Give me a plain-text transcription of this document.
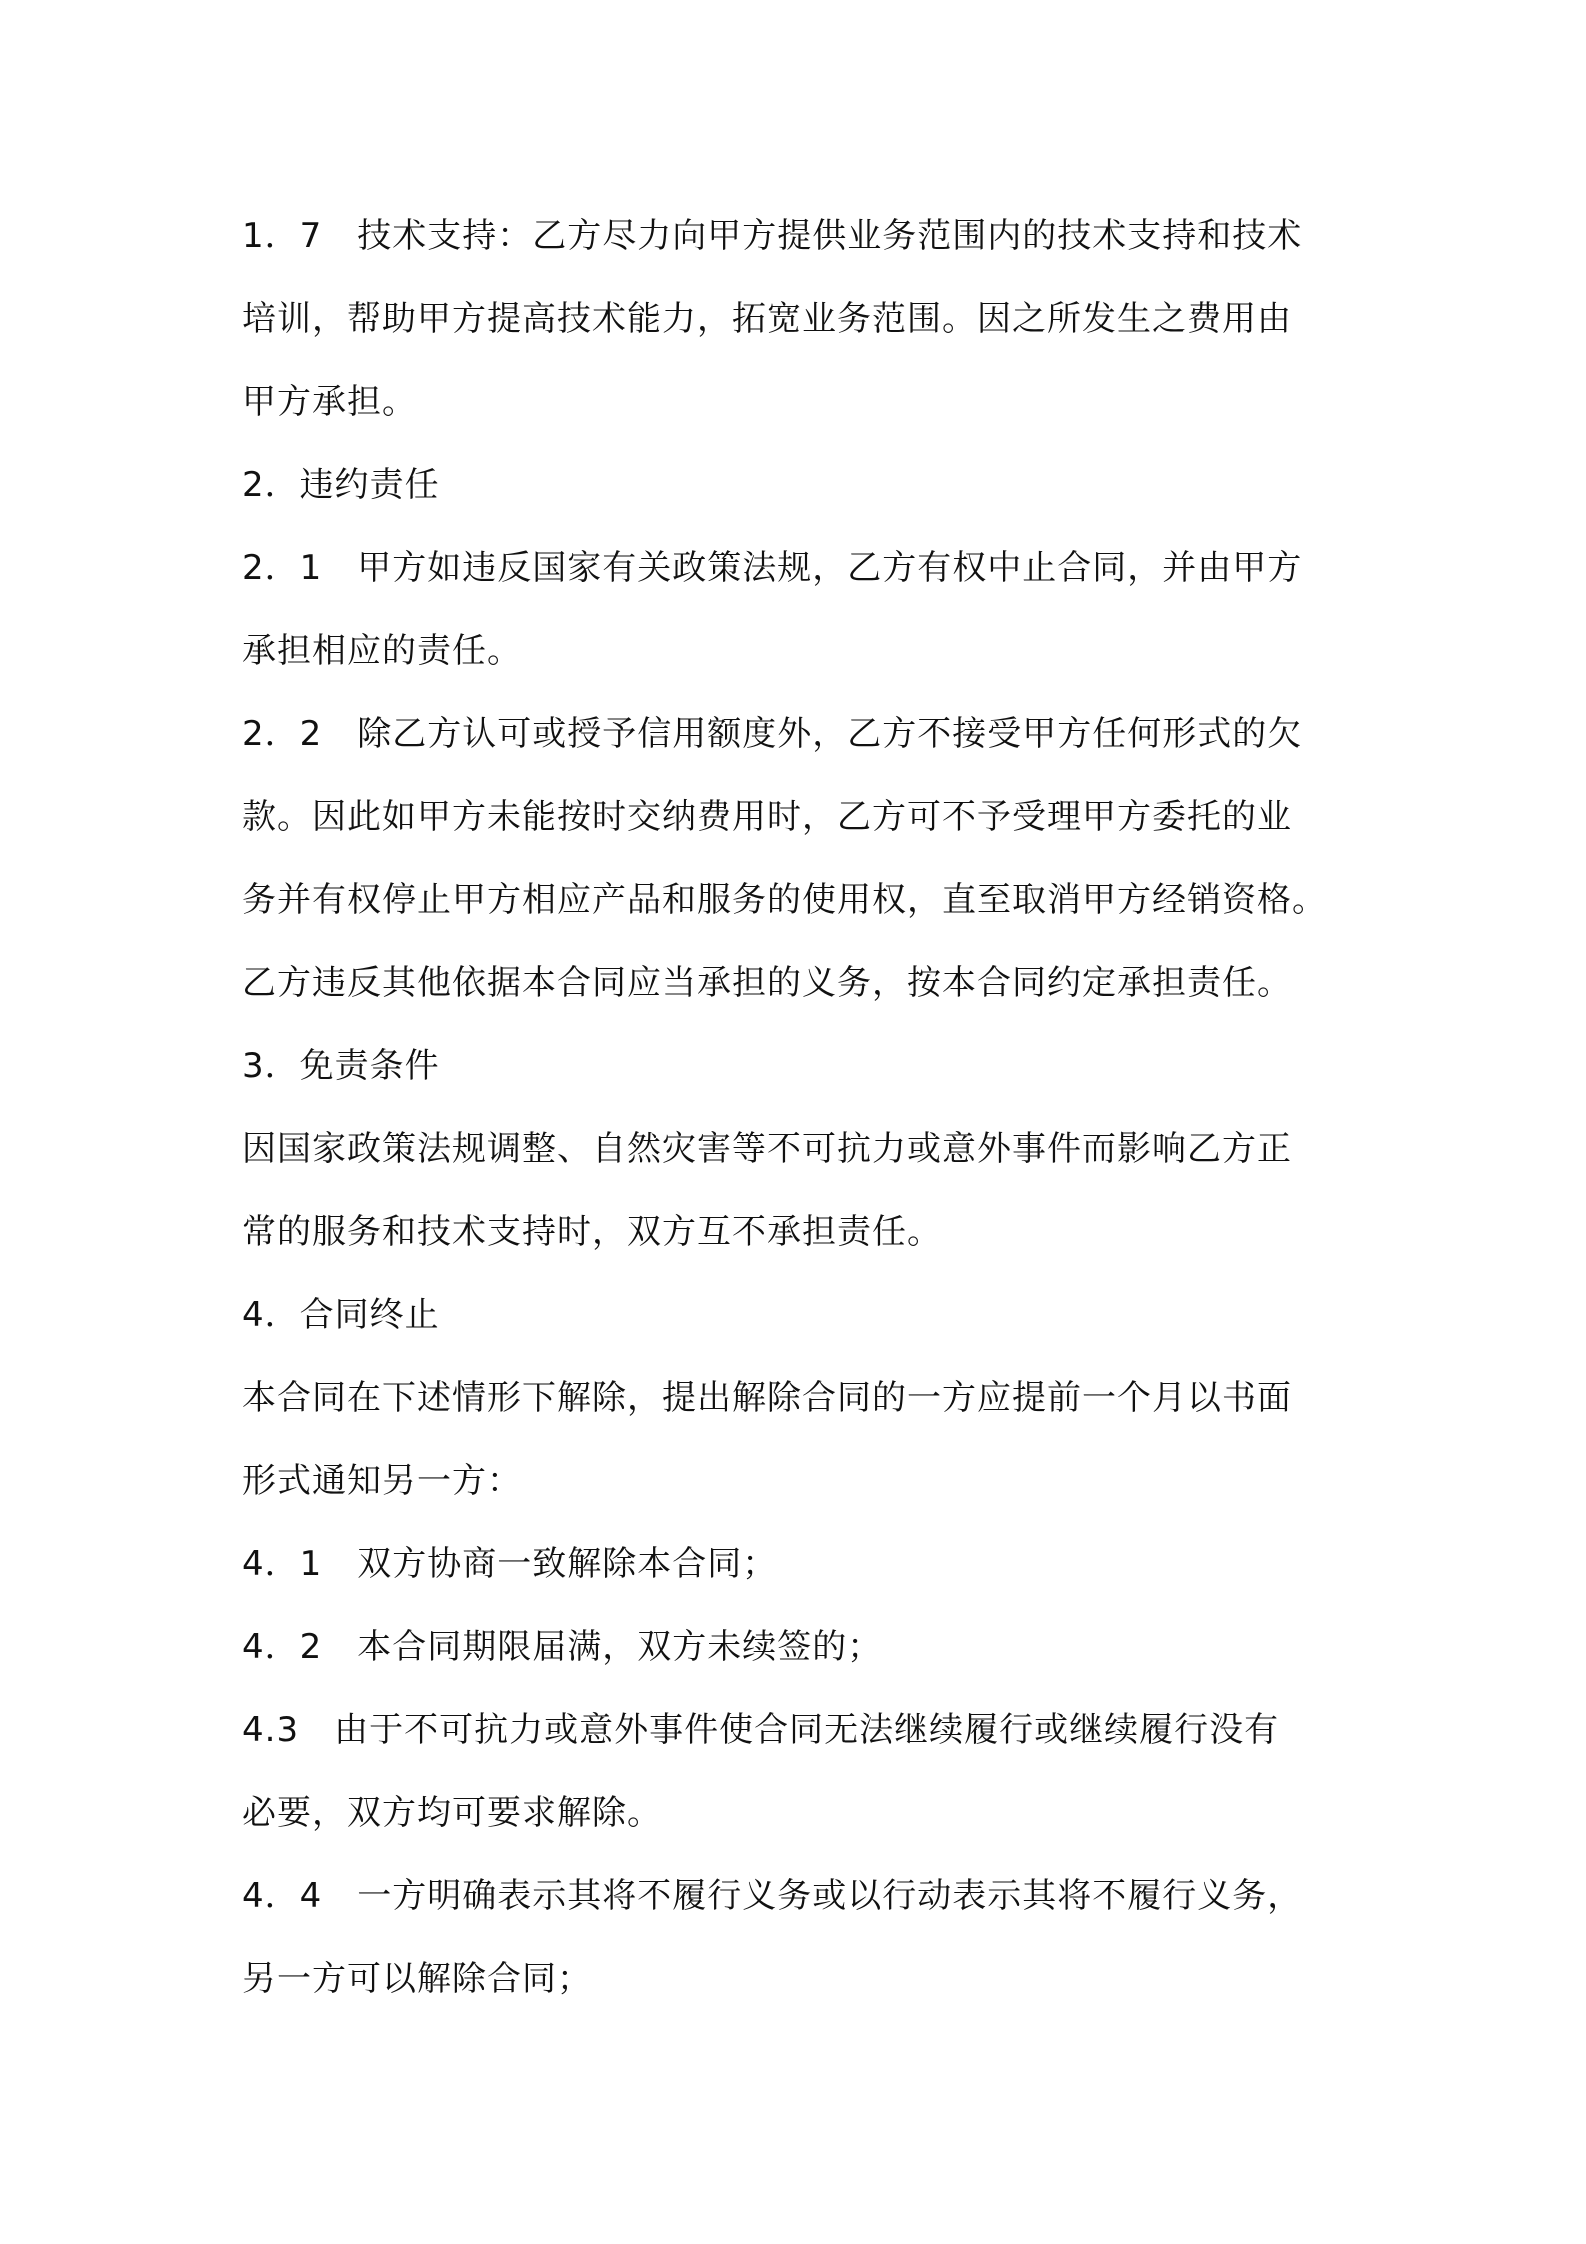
1．7　技术支持：乙方尽力向甲方提供业务范围内的技术支持和技术
培训，帮助甲方提高技术能力，拓宽业务范围。因之所发生之费用由
甲方承担。
2．违约责任
2．1　甲方如违反国家有关政策法规，乙方有权中止合同，并由甲方
承担相应的责任。
2．2　除乙方认可或授予信用额度外，乙方不接受甲方任何形式的欠
款。因此如甲方未能按时交纳费用时，乙方可不予受理甲方委托的业
务并有权停止甲方相应产品和服务的使用权，直至取消甲方经销资格。
乙方违反其他依据本合同应当承担的义务，按本合同约定承担责任。
3．免责条件
因国家政策法规调整、自然灾害等不可抗力或意外事件而影响乙方正
常的服务和技术支持时，双方互不承担责任。
4．合同终止
本合同在下述情形下解除，提出解除合同的一方应提前一个月以书面
形式通知另一方：
4．1　双方协商一致解除本合同；
4．2　本合同期限届满，双方未续签的；
4.3　由于不可抗力或意外事件使合同无法继续履行或继续履行没有
必要，双方均可要求解除。
4．4　一方明确表示其将不履行义务或以行动表示其将不履行义务，
另一方可以解除合同；
